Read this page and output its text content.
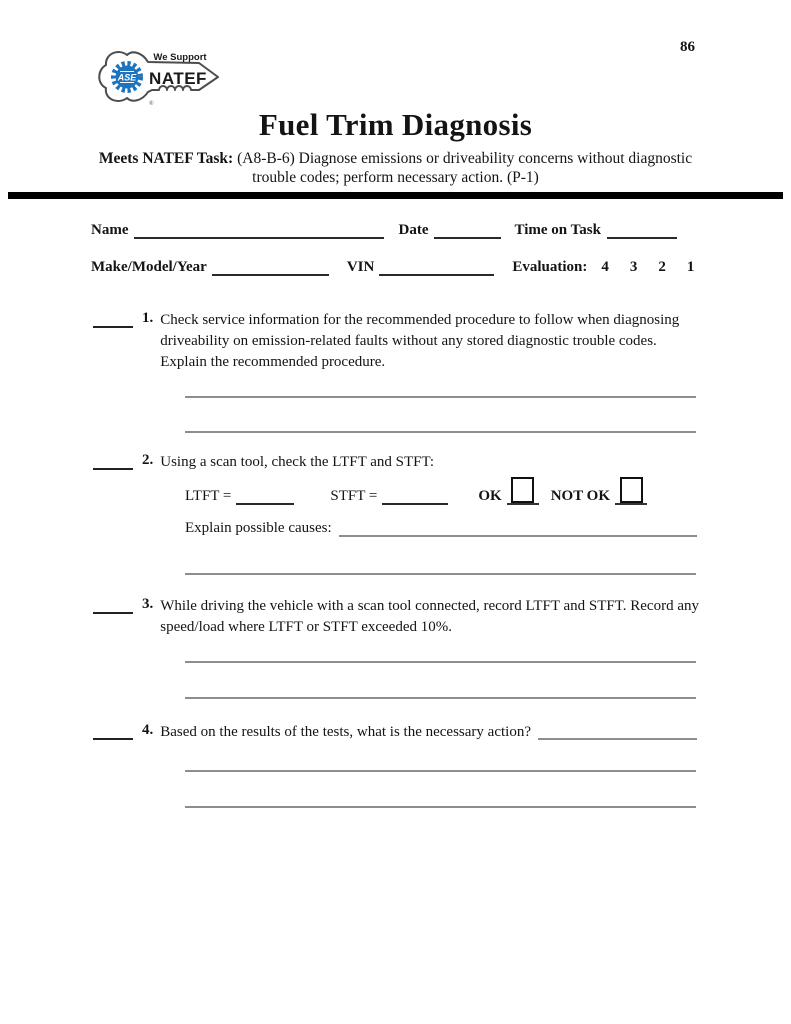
86
ASE
We Support
NATEF
®
Fuel Trim Diagnosis
Meets NATEF Task: (A8-B-6) Diagnose emissions or driveability concerns without diagnostic
trouble codes; perform necessary action. (P-1)
Name	Date	Time on Task
Make/Model/Year	VIN	Evaluation: 4 3 2 1
1. Check service information for the recommended procedure to follow when diagnosing driveability on emission-related faults without any stored diagnostic trouble codes. Explain the recommended procedure.

2. Using a scan tool, check the LTFT and STFT:

LTFT =	STFT =	OK	NOT OK
Explain possible causes:
3. While driving the vehicle with a scan tool connected, record LTFT and STFT. Record any speed/load where LTFT or STFT exceeded 10%.

4. Based on the results of the tests, what is the necessary action?
